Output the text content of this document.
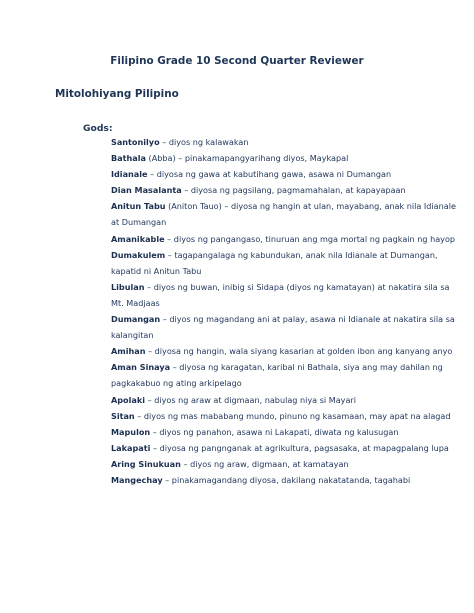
Filipino Grade 10 Second Quarter Reviewer
Mitolohiyang Pilipino
Gods:
Santonilyo – diyos ng kalawakan
Bathala (Abba) – pinakamapangyarihang diyos, Maykapal
Idianale – diyosa ng gawa at kabutihang gawa, asawa ni Dumangan
Dian Masalanta – diyosa ng pagsilang, pagmamahalan, at kapayapaan
Anitun Tabu (Aniton Tauo) – diyosa ng hangin at ulan, mayabang, anak nila Idianale at Dumangan
Amanikable – diyos ng pangangaso, tinuruan ang mga mortal ng pagkain ng hayop
Dumakulem – tagapangalaga ng kabundukan, anak nila Idianale at Dumangan, kapatid ni Anitun Tabu
Libulan – diyos ng buwan, inibig si Sidapa (diyos ng kamatayan) at nakatira sila sa Mt. Madjaas
Dumangan – diyos ng magandang ani at palay, asawa ni Idianale at nakatira sila sa kalangitan
Amihan – diyosa ng hangin, wala siyang kasarian at golden ibon ang kanyang anyo
Aman Sinaya – diyosa ng karagatan, karibal ni Bathala, siya ang may dahilan ng pagkakabuo ng ating arkipelago
Apolaki – diyos ng araw at digmaan, nabulag niya si Mayari
Sitan – diyos ng mas mababang mundo, pinuno ng kasamaan, may apat na alagad
Mapulon – diyos ng panahon, asawa ni Lakapati, diwata ng kalusugan
Lakapati – diyosa ng pangnganak at agrikultura, pagsasaka, at mapagpalang lupa
Aring Sinukuan – diyos ng araw, digmaan, at kamatayan
Mangechay – pinakamagandang diyosa, dakilang nakatatanda, tagahabi
